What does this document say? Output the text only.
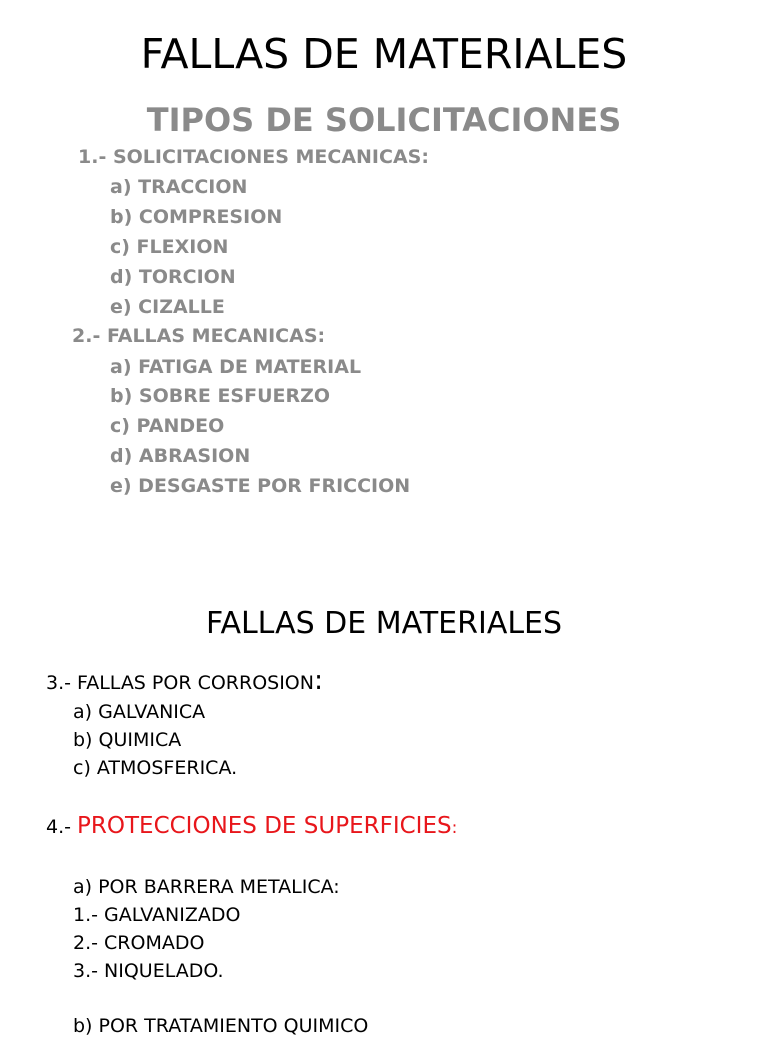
FALLAS DE MATERIALES
TIPOS DE SOLICITACIONES
1.- SOLICITACIONES MECANICAS:
a) TRACCION
b) COMPRESION
c) FLEXION
d) TORCION
e) CIZALLE
2.- FALLAS MECANICAS:
a) FATIGA DE MATERIAL
b) SOBRE ESFUERZO
c) PANDEO
d) ABRASION
e) DESGASTE POR FRICCION
FALLAS DE MATERIALES
3.- FALLAS POR CORROSION:
a) GALVANICA
b) QUIMICA
c) ATMOSFERICA.
4.- PROTECCIONES DE SUPERFICIES:
a) POR BARRERA METALICA:
1.- GALVANIZADO
2.- CROMADO
3.- NIQUELADO.
b) POR TRATAMIENTO QUIMICO
